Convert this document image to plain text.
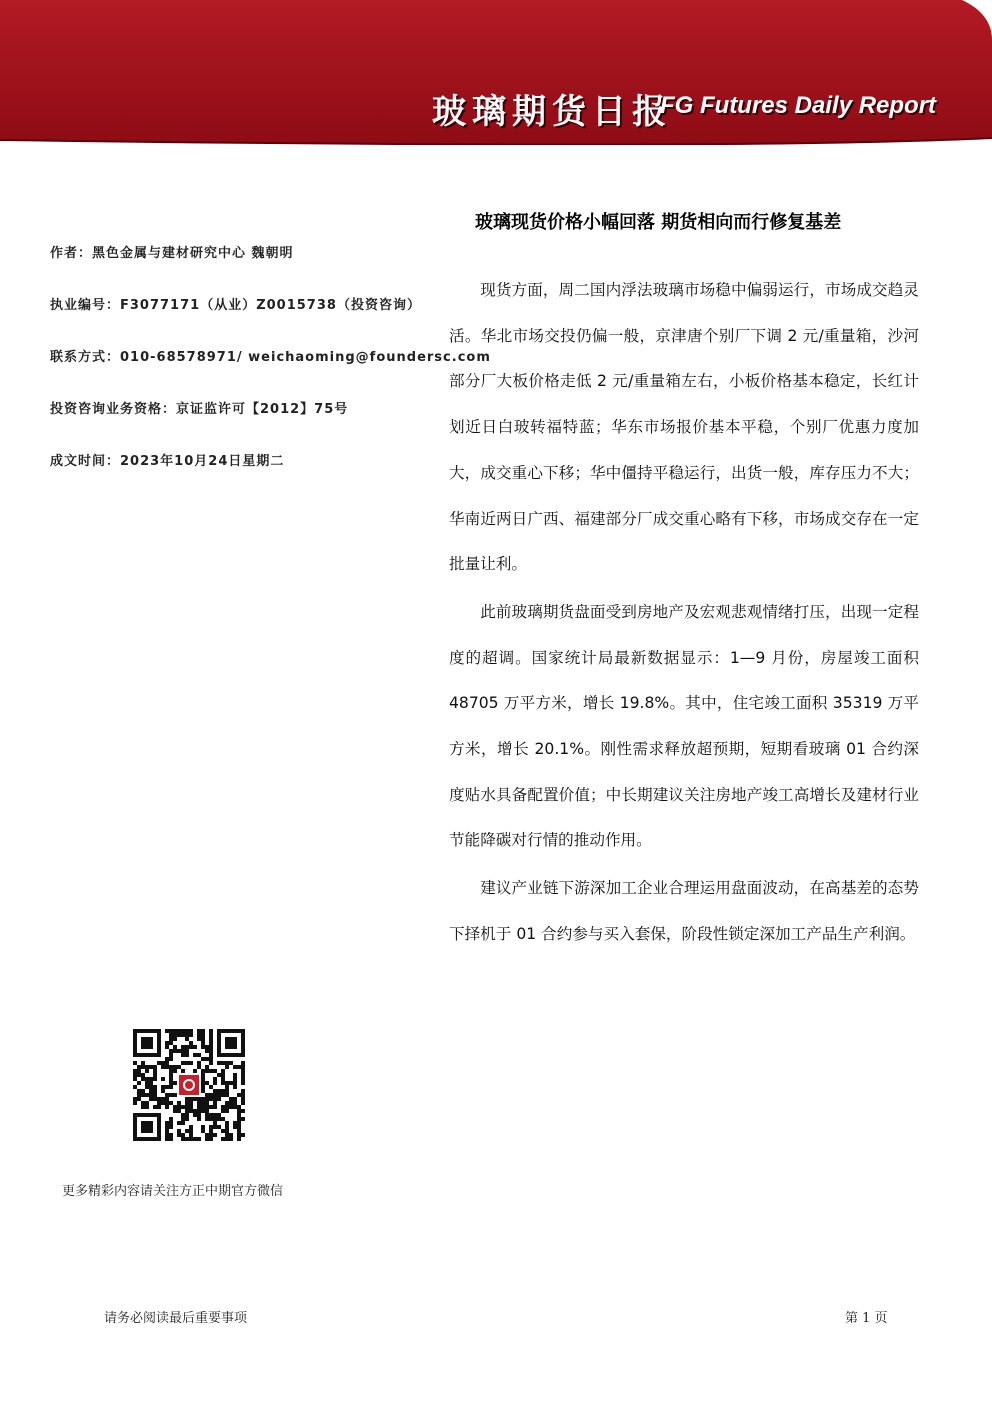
玻璃期货日报
FG Futures Daily Report
玻璃现货价格小幅回落 期货相向而行修复基差
作者：黑色金属与建材研究中心 魏朝明
执业编号：F3077171（从业）Z0015738（投资咨询）
联系方式：010-68578971/ weichaoming@foundersc.com
投资咨询业务资格：京证监许可【2012】75号
成文时间：2023年10月24日星期二

现货方面，周二国内浮法玻璃市场稳中偏弱运行，市场成交趋灵活。华北市场交投仍偏一般，京津唐个别厂下调 2 元/重量箱，沙河部分厂大板价格走低 2 元/重量箱左右，小板价格基本稳定，长红计划近日白玻转福特蓝；华东市场报价基本平稳，个别厂优惠力度加大，成交重心下移；华中僵持平稳运行，出货一般，库存压力不大；华南近两日广西、福建部分厂成交重心略有下移，市场成交存在一定批量让利。

此前玻璃期货盘面受到房地产及宏观悲观情绪打压，出现一定程度的超调。国家统计局最新数据显示：1—9 月份，房屋竣工面积 48705 万平方米，增长 19.8%。其中，住宅竣工面积 35319 万平方米，增长 20.1%。刚性需求释放超预期，短期看玻璃 01 合约深度贴水具备配置价值；中长期建议关注房地产竣工高增长及建材行业节能降碳对行情的推动作用。

建议产业链下游深加工企业合理运用盘面波动，在高基差的态势下择机于 01 合约参与买入套保，阶段性锁定深加工产品生产利润。

更多精彩内容请关注方正中期官方微信
请务必阅读最后重要事项	第 1 页
